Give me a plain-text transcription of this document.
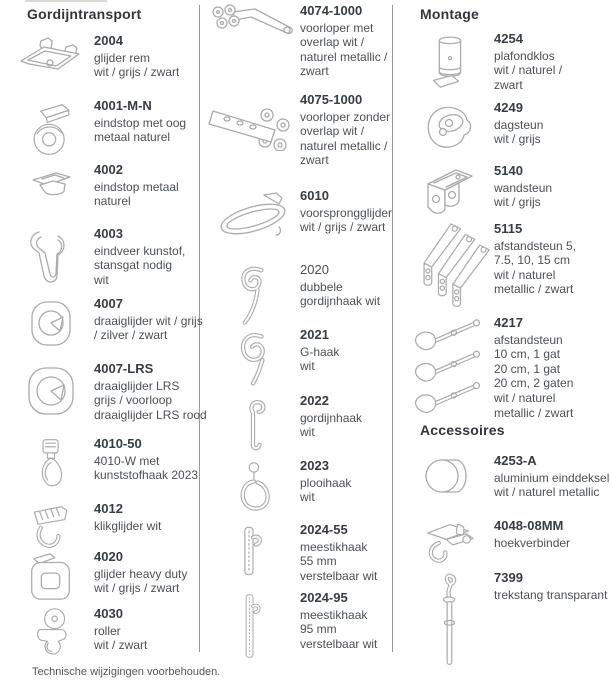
Gordijntransport
2004
glijder rem
wit / grijs / zwart
4001-M-N
eindstop met oog
metaal naturel
4002
eindstop metaal
naturel
4003
eindveer kunstof,
stansgat nodig
wit
4007
draaiglijder wit / grijs
/ zilver / zwart
4007-LRS
draaiglijder LRS
grijs / voorloop
draaiglijder LRS rood
4010-50
4010-W met
kunststofhaak 2023
4012
klikglijder wit
4020
glijder heavy duty
wit / grijs / zwart
4030
roller
wit / zwart
4074-1000
voorloper met
overlap wit /
naturel metallic /
zwart
4075-1000
voorloper zonder
overlap wit /
naturel metallic /
zwart
6010
voorsprongglijder
wit / grijs / zwart
2020
dubbele
gordijnhaak wit
2021
G-haak
wit
2022
gordijnhaak
wit
2023
plooihaak
wit
2024-55
meestikhaak
55 mm
verstelbaar wit
2024-95
meestikhaak
95 mm
verstelbaar wit
Montage
4254
plafondklos
wit / naturel /
zwart
4249
dagsteun
wit / grijs
5140
wandsteun
wit / grijs
5115
afstandsteun 5,
7.5, 10, 15 cm
wit / naturel
metallic / zwart
4217
afstandsteun
10 cm, 1 gat
20 cm, 1 gat
20 cm, 2 gaten
wit / naturel
metallic / zwart
Accessoires
4253-A
aluminium einddeksel
wit / naturel metallic
4048-08MM
hoekverbinder
7399
trekstang transparant
Technische wijzigingen voorbehouden.
